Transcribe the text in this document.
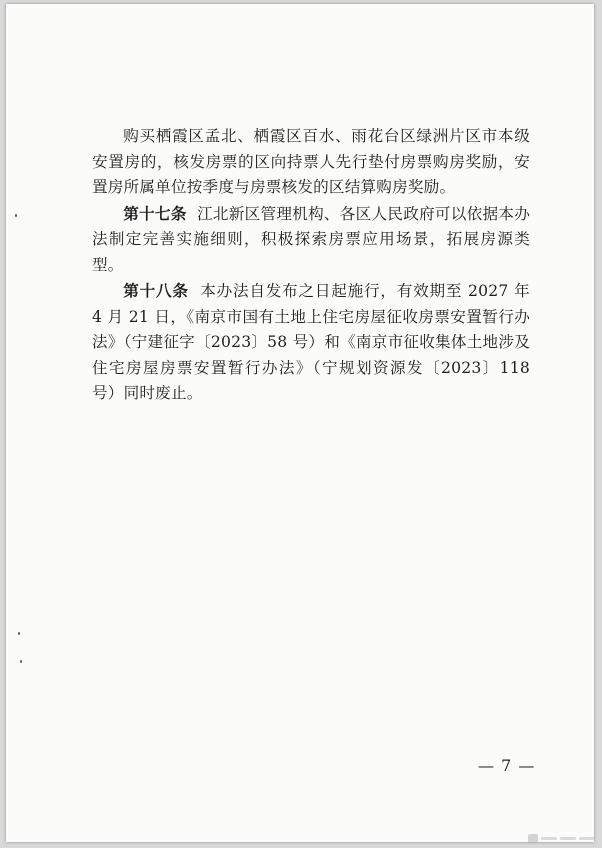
购买栖霞区孟北、栖霞区百水、雨花台区绿洲片区市本级安置房的，核发房票的区向持票人先行垫付房票购房奖励，安置房所属单位按季度与房票核发的区结算购房奖励。

第十七条 江北新区管理机构、各区人民政府可以依据本办法制定完善实施细则，积极探索房票应用场景，拓展房源类型。

第十八条 本办法自发布之日起施行，有效期至 2027 年 4 月 21 日，《南京市国有土地上住宅房屋征收房票安置暂行办法》（宁建征字〔2023〕58 号）和《南京市征收集体土地涉及住宅房屋房票安置暂行办法》（宁规划资源发〔2023〕118 号）同时废止。

— 7 —
